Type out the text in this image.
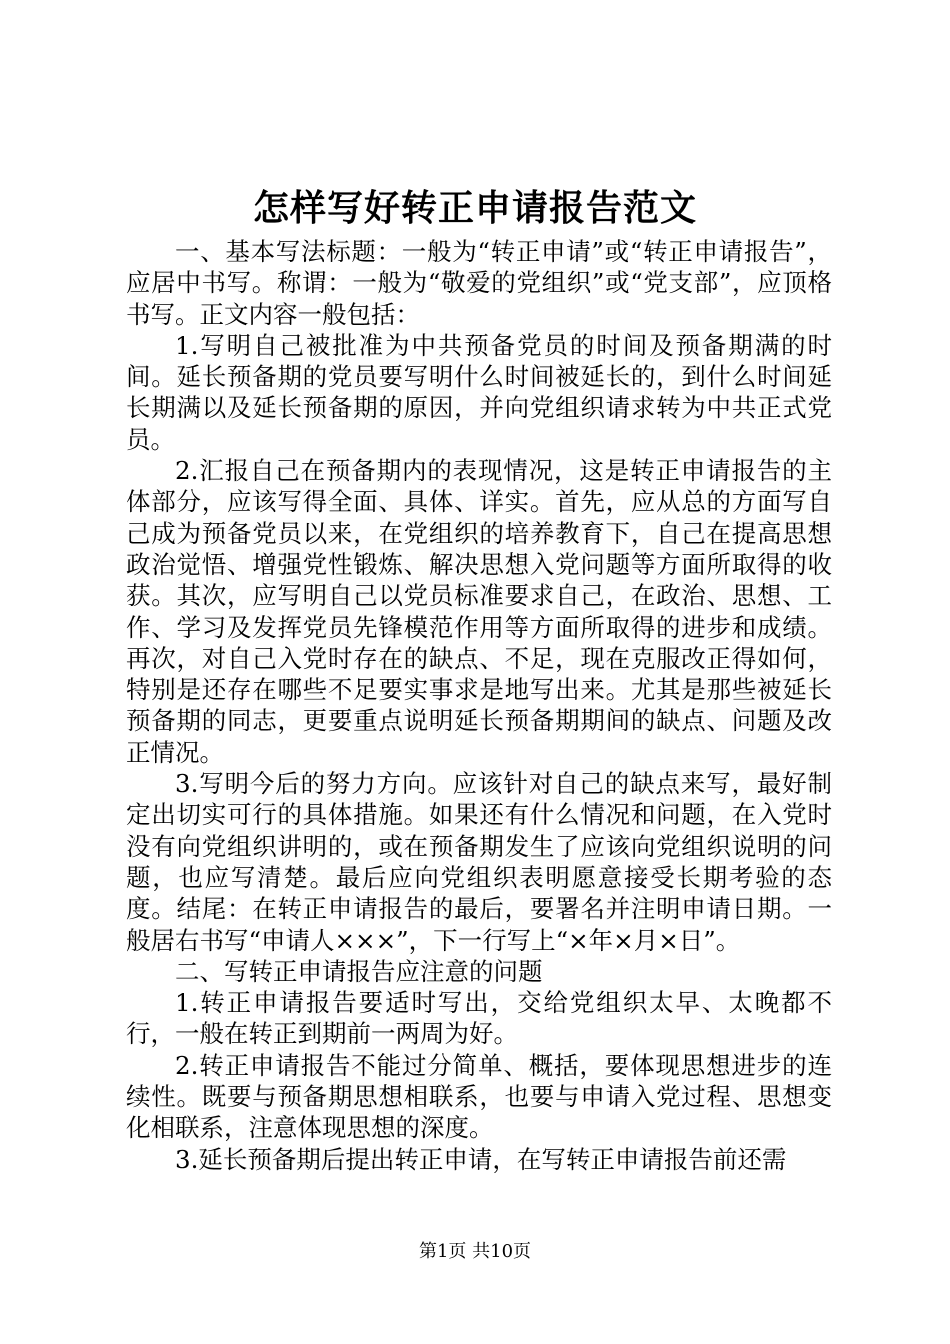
怎样写好转正申请报告范文

一、基本写法标题：一般为“转正申请”或“转正申请报告”，应居中书写。称谓：一般为“敬爱的党组织”或“党支部”，应顶格书写。正文内容一般包括：

1.写明自己被批准为中共预备党员的时间及预备期满的时间。延长预备期的党员要写明什么时间被延长的，到什么时间延长期满以及延长预备期的原因，并向党组织请求转为中共正式党员。

2.汇报自己在预备期内的表现情况，这是转正申请报告的主体部分，应该写得全面、具体、详实。首先，应从总的方面写自己成为预备党员以来，在党组织的培养教育下，自己在提高思想政治觉悟、增强党性锻炼、解决思想入党问题等方面所取得的收获。其次，应写明自己以党员标准要求自己，在政治、思想、工作、学习及发挥党员先锋模范作用等方面所取得的进步和成绩。再次，对自己入党时存在的缺点、不足，现在克服改正得如何，特别是还存在哪些不足要实事求是地写出来。尤其是那些被延长预备期的同志，更要重点说明延长预备期期间的缺点、问题及改正情况。

3.写明今后的努力方向。应该针对自己的缺点来写，最好制定出切实可行的具体措施。如果还有什么情况和问题，在入党时没有向党组织讲明的，或在预备期发生了应该向党组织说明的问题，也应写清楚。最后应向党组织表明愿意接受长期考验的态度。结尾：在转正申请报告的最后，要署名并注明申请日期。一般居右书写“申请人×××”，下一行写上“×年×月×日”。

二、写转正申请报告应注意的问题

1.转正申请报告要适时写出，交给党组织太早、太晚都不行，一般在转正到期前一两周为好。

2.转正申请报告不能过分简单、概括，要体现思想进步的连续性。既要与预备期思想相联系，也要与申请入党过程、思想变化相联系，注意体现思想的深度。

3.延长预备期后提出转正申请，在写转正申请报告前还需

第1页 共10页
